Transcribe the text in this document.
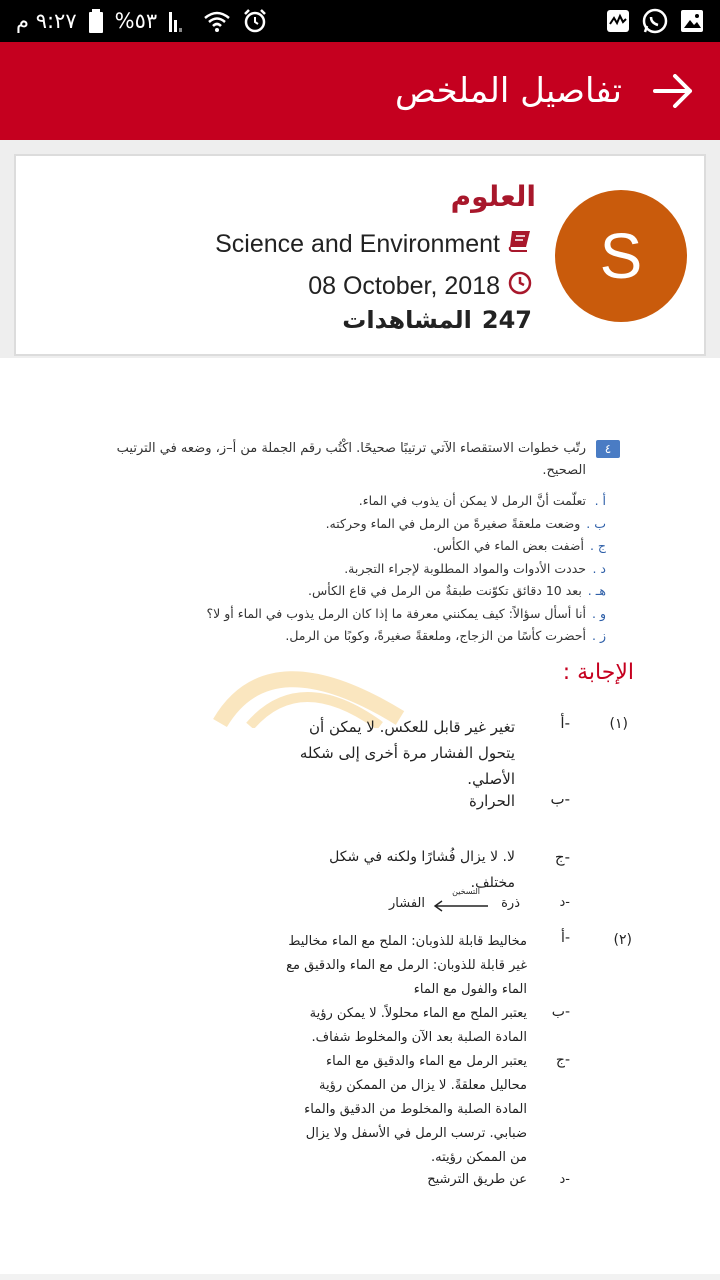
٩:٢٧ م %٥٣
تفاصيل الملخص
S
العلوم
Science and Environment
08 October, 2018
المشاهدات 247
٤
رتّب خطوات الاستقصاء الآتي ترتيبًا صحيحًا. اكْتُب رقم الجملة من أ–ز، وضعه في الترتيب الصحيح.
أ .
تعلّمت أنَّ الرمل لا يمكن أن يذوب في الماء.
ب .
وضعت ملعقةً صغيرةً من الرمل في الماء وحركته.
ج .
أضفت بعض الماء في الكأس.
د .
حددت الأدوات والمواد المطلوبة لإجراء التجربة.
هـ .
بعد 10 دقائق تكوّنت طبقةٌ من الرمل في قاع الكأس.
و .
أنا أسأل سؤالاً: كيف يمكنني معرفة ما إذا كان الرمل يذوب في الماء أو لا؟
ز .
أحضرت كأسًا من الزجاج، وملعقةً صغيرةً، وكوبًا من الرمل.
الإجابة :
(١)
أ-
تغير غير قابل للعكس. لا يمكن أن يتحول الفشار مرة أخرى إلى شكله الأصلي.
ب-
الحرارة
ج-
لا. لا يزال فُشارًا ولكنه في شكل مختلف.
د-
ذرة
التسخين
الفشار
(٢)
أ-
مخاليط قابلة للذوبان: الملح مع الماء مخاليط غير قابلة للذوبان: الرمل مع الماء والدقيق مع الماء والفول مع الماء
ب-
يعتبر الملح مع الماء محلولاً. لا يمكن رؤية المادة الصلبة بعد الآن والمخلوط شفاف.
ج-
يعتبر الرمل مع الماء والدقيق مع الماء محاليل معلقةً. لا يزال من الممكن رؤية المادة الصلبة والمخلوط من الدقيق والماء ضبابي. ترسب الرمل في الأسفل ولا يزال من الممكن رؤيته.
د-
عن طريق الترشيح
